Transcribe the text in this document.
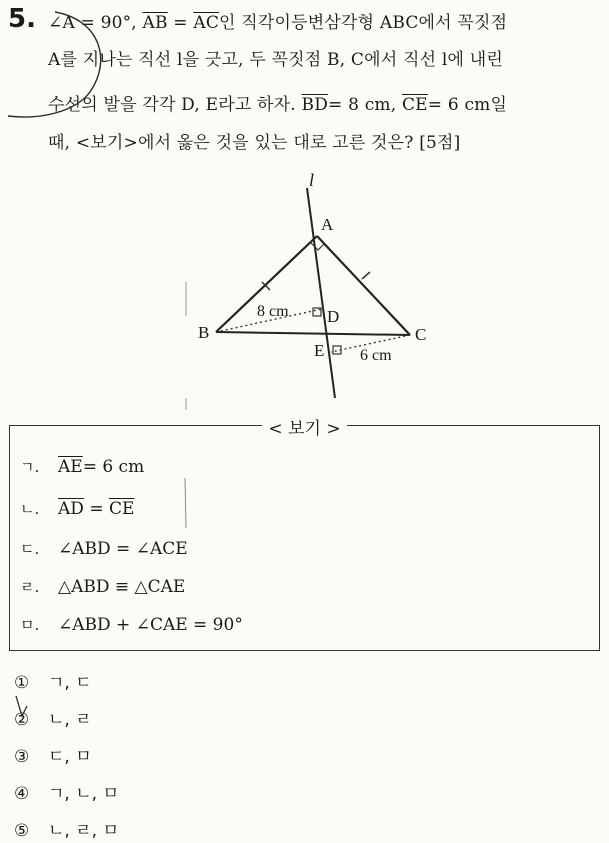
5. ∠A = 90°, $\overline{AB} = \overline{AC}$인 직각이등변삼각형 ABC에서 꼭짓점
A를 지나는 직선 l을 긋고, 두 꼭짓점 B, C에서 직선 l에 내린
수선의 발을 각각 D, E라고 하자. $\overline{BD}= 8$ cm, $\overline{CE}= 6$ cm일
때, <보기>에서 옳은 것을 있는 대로 고른 것은? [5점]
l
A
B	C
D
E
8 cm
6 cm
ㄱ. $\overline{AE}= 6$ cm
ㄴ. $\overline{AD} = \overline{CE}$
ㄷ. ∠ABD = ∠ACE
ㄹ. △ABD ≡ △CAE
ㅁ. ∠ABD + ∠CAE = 90°
< 보기 >
① ㄱ, ㄷ
② ㄴ, ㄹ
③ ㄷ, ㅁ
④ ㄱ, ㄴ, ㅁ
⑤ ㄴ, ㄹ, ㅁ
